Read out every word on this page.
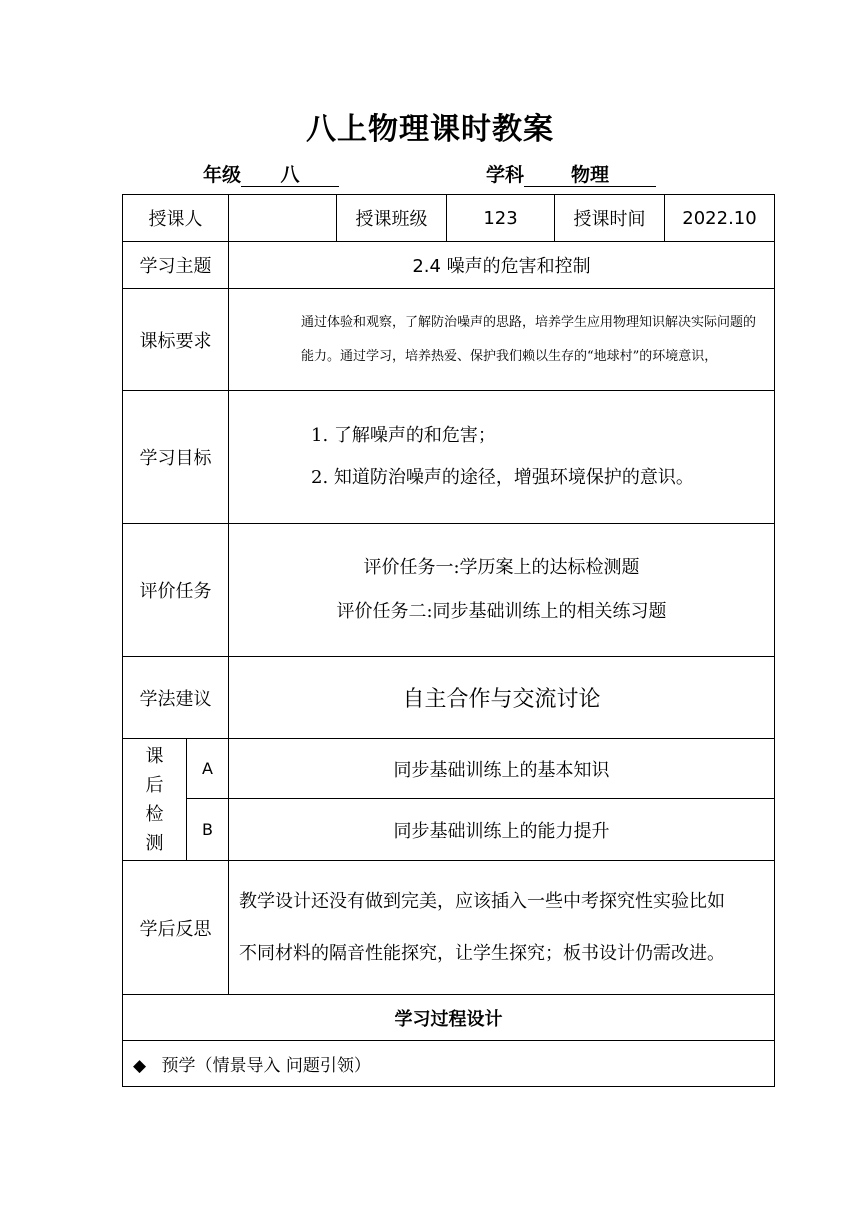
八上物理课时教案
年级 八	学科 物理
授课人			授课班级	123	授课时间	2022.10
学习主题		2.4 噪声的危害和控制				
课标要求		通过体验和观察，了解防治噪声的思路，培养学生应用物理知识解决实际问题的能力。通过学习，培养热爱、保护我们赖以生存的“地球村”的环境意识，				

学习目标		1. 了解噪声的和危害；
2. 知道防治噪声的途径，增强环境保护的意识。				

评价任务		评价任务一:学历案上的达标检测题
评价任务二:同步基础训练上的相关练习题				

学法建议		自主合作与交流讨论				

课
后
检
测	A	同步基础训练上的基本知识				
	B	同步基础训练上的能力提升				
学后反思		教学设计还没有做到完美，应该插入一些中考探究性实验比如
不同材料的隔音性能探究，让学生探究；板书设计仍需改进。				

学习过程设计						
◆ 预学（情景导入 问题引领）						
